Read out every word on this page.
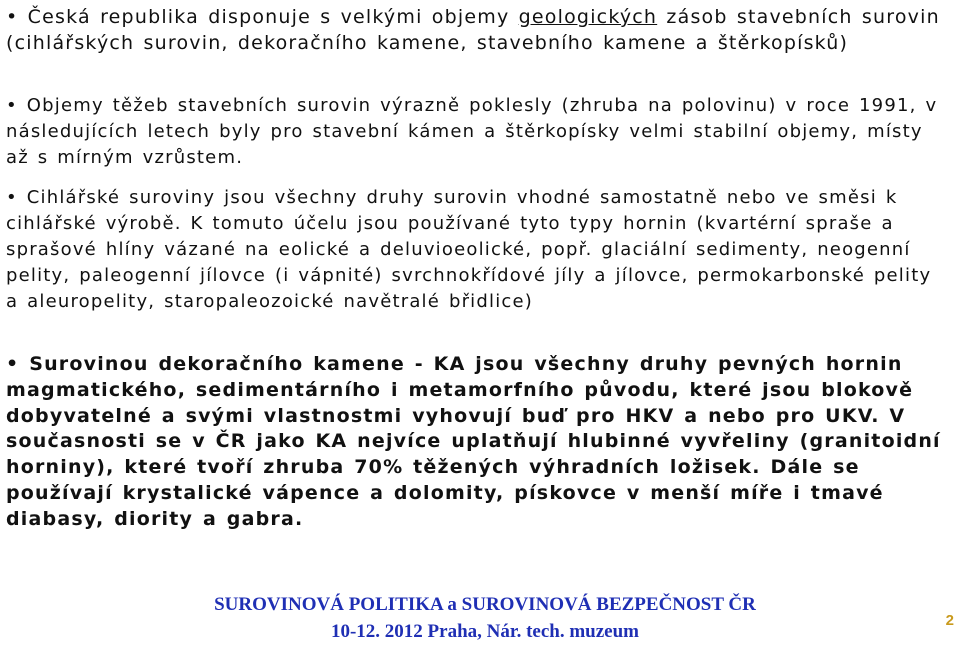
• Česká republika disponuje s velkými objemy geologických zásob stavebních surovin (cihlářských surovin, dekoračního kamene, stavebního kamene a štěrkopísků)

• Objemy těžeb stavebních surovin výrazně poklesly (zhruba na polovinu) v roce 1991, v následujících letech byly pro stavební kámen a štěrkopísky velmi stabilní objemy, místy až s mírným vzrůstem.

• Cihlářské suroviny jsou všechny druhy surovin vhodné samostatně nebo ve směsi k cihlářské výrobě. K tomuto účelu jsou používané tyto typy hornin (kvartérní spraše a sprašové hlíny vázané na eolické a deluvioeolické, popř. glaciální sedimenty, neogenní pelity, paleogenní jílovce (i vápnité) svrchnokřídové jíly a jílovce, permokarbonské pelity a aleuropelity, staropaleozoické navětralé břidlice)

• Surovinou dekoračního kamene - KA jsou všechny druhy pevných hornin magmatického, sedimentárního i metamorfního původu, které jsou blokově dobyvatelné a svými vlastnostmi vyhovují buď pro HKV a nebo pro UKV. V současnosti se v ČR jako KA nejvíce uplatňují hlubinné vyvřeliny (granitoidní horniny), které tvoří zhruba 70% těžených výhradních ložisek. Dále se používají krystalické vápence a dolomity, pískovce v menší míře i tmavé diabasy, diority a gabra.

SUROVINOVÁ POLITIKA a SUROVINOVÁ BEZPEČNOST ČR

10-12. 2012 Praha, Nár. tech. muzeum

2
